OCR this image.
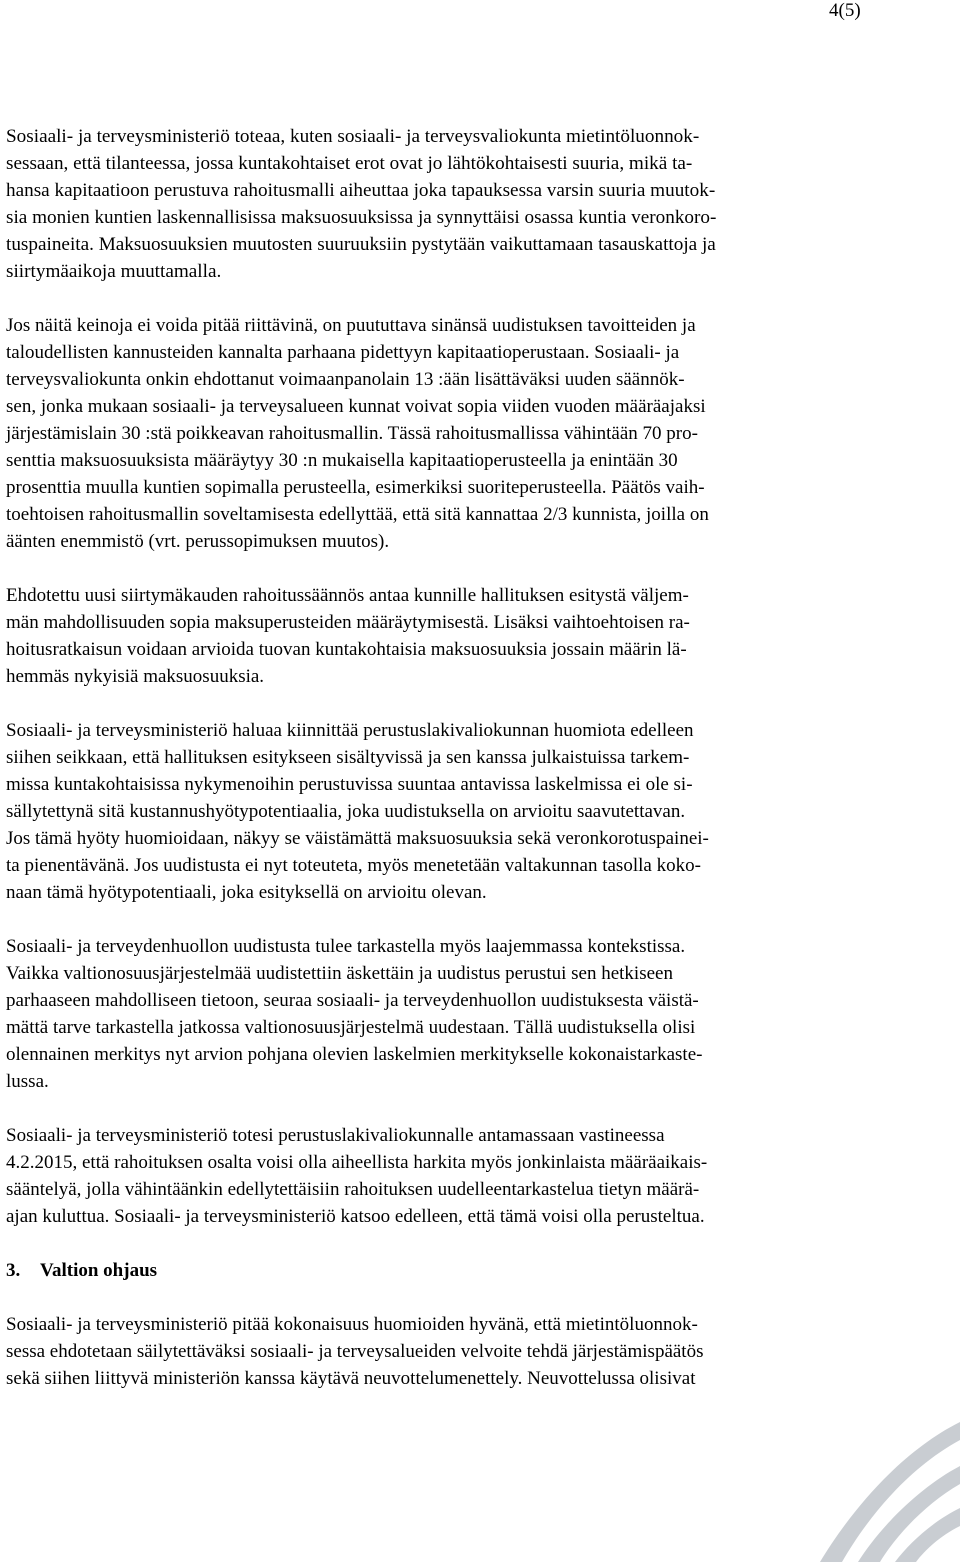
4(5)
Sosiaali- ja terveysministeriö toteaa, kuten sosiaali- ja terveysvaliokunta mietintöluonnok-
sessaan, että tilanteessa, jossa kuntakohtaiset erot ovat jo lähtökohtaisesti suuria, mikä ta-
hansa kapitaatioon perustuva rahoitusmalli aiheuttaa joka tapauksessa varsin suuria muutok-
sia monien kuntien laskennallisissa maksuosuuksissa ja synnyttäisi osassa kuntia veronkoro-
tuspaineita. Maksuosuuksien muutosten suuruuksiin pystytään vaikuttamaan tasauskattoja ja
siirtymäaikoja muuttamalla.
Jos näitä keinoja ei voida pitää riittävinä, on puututtava sinänsä uudistuksen tavoitteiden ja
taloudellisten kannusteiden kannalta parhaana pidettyyn kapitaatioperustaan. Sosiaali- ja
terveysvaliokunta onkin ehdottanut voimaanpanolain 13 :ään lisättäväksi uuden säännök-
sen, jonka mukaan sosiaali- ja terveysalueen kunnat voivat sopia viiden vuoden määräajaksi
järjestämislain 30 :stä poikkeavan rahoitusmallin. Tässä rahoitusmallissa vähintään 70 pro-
senttia maksuosuuksista määräytyy 30 :n mukaisella kapitaatioperusteella ja enintään 30
prosenttia muulla kuntien sopimalla perusteella, esimerkiksi suoriteperusteella. Päätös vaih-
toehtoisen rahoitusmallin soveltamisesta edellyttää, että sitä kannattaa 2/3 kunnista, joilla on
äänten enemmistö (vrt. perussopimuksen muutos).
Ehdotettu uusi siirtymäkauden rahoitussäännös antaa kunnille hallituksen esitystä väljem-
män mahdollisuuden sopia maksuperusteiden määräytymisestä. Lisäksi vaihtoehtoisen ra-
hoitusratkaisun voidaan arvioida tuovan kuntakohtaisia maksuosuuksia jossain määrin lä-
hemmäs nykyisiä maksuosuuksia.
Sosiaali- ja terveysministeriö haluaa kiinnittää perustuslakivaliokunnan huomiota edelleen
siihen seikkaan, että hallituksen esitykseen sisältyvissä ja sen kanssa julkaistuissa tarkem-
missa kuntakohtaisissa nykymenoihin perustuvissa suuntaa antavissa laskelmissa ei ole si-
sällytettynä sitä kustannushyötypotentiaalia, joka uudistuksella on arvioitu saavutettavan.
Jos tämä hyöty huomioidaan, näkyy se väistämättä maksuosuuksia sekä veronkorotuspainei-
ta pienentävänä. Jos uudistusta ei nyt toteuteta, myös menetetään valtakunnan tasolla koko-
naan tämä hyötypotentiaali, joka esityksellä on arvioitu olevan.
Sosiaali- ja terveydenhuollon uudistusta tulee tarkastella myös laajemmassa kontekstissa.
Vaikka valtionosuusjärjestelmää uudistettiin äskettäin ja uudistus perustui sen hetkiseen
parhaaseen mahdolliseen tietoon, seuraa sosiaali- ja terveydenhuollon uudistuksesta väistä-
mättä tarve tarkastella jatkossa valtionosuusjärjestelmä uudestaan. Tällä uudistuksella olisi
olennainen merkitys nyt arvion pohjana olevien laskelmien merkitykselle kokonaistarkaste-
lussa.
Sosiaali- ja terveysministeriö totesi perustuslakivaliokunnalle antamassaan vastineessa
4.2.2015, että rahoituksen osalta voisi olla aiheellista harkita myös jonkinlaista määräaikais-
sääntelyä, jolla vähintäänkin edellytettäisiin rahoituksen uudelleentarkastelua tietyn määrä-
ajan kuluttua. Sosiaali- ja terveysministeriö katsoo edelleen, että tämä voisi olla perusteltua.
3. Valtion ohjaus
Sosiaali- ja terveysministeriö pitää kokonaisuus huomioiden hyvänä, että mietintöluonnok-
sessa ehdotetaan säilytettäväksi sosiaali- ja terveysalueiden velvoite tehdä järjestämispäätös
sekä siihen liittyvä ministeriön kanssa käytävä neuvottelumenettely. Neuvottelussa olisivat
